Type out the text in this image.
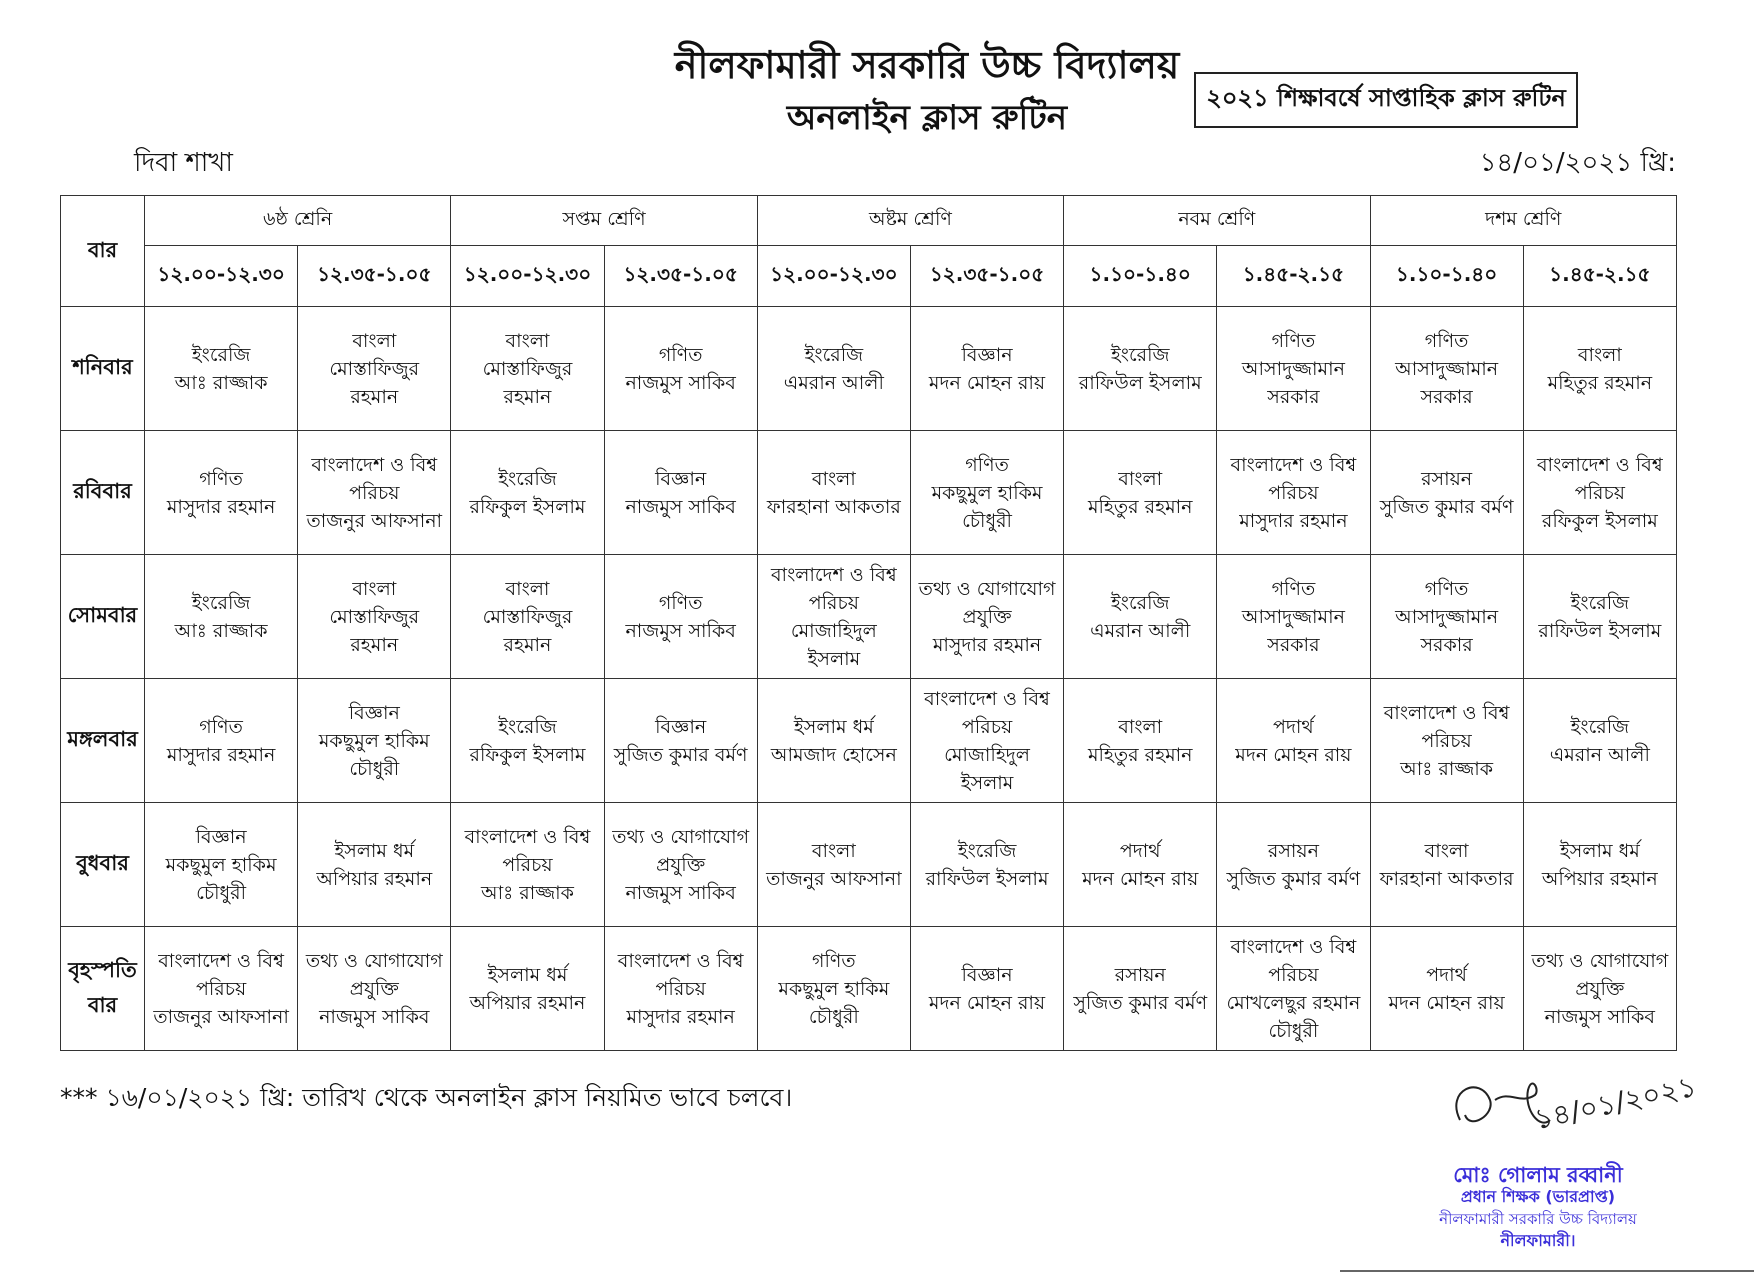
নীলফামারী সরকারি উচ্চ বিদ্যালয়
অনলাইন ক্লাস রুটিন	২০২১ শিক্ষাবর্ষে সাপ্তাহিক ক্লাস রুটিন
দিবা শাখা	১৪/০১/২০২১ খ্রি:
বার	৬ষ্ঠ শ্রেনি		সপ্তম শ্রেণি		অষ্টম শ্রেণি		নবম শ্রেণি		দশম শ্রেণি	
	১২.০০-১২.৩০	১২.৩৫-১.০৫	১২.০০-১২.৩০	১২.৩৫-১.০৫	১২.০০-১২.৩০	১২.৩৫-১.০৫	১.১০-১.৪০	১.৪৫-২.১৫	১.১০-১.৪০	১.৪৫-২.১৫

শনিবার	ইংরেজি
আঃ রাজ্জাক	বাংলা
মোস্তাফিজুর
রহমান	বাংলা
মোস্তাফিজুর
রহমান	গণিত
নাজমুস সাকিব	ইংরেজি
এমরান আলী	বিজ্ঞান
মদন মোহন রায়	ইংরেজি
রাফিউল ইসলাম	গণিত
আসাদুজ্জামান
সরকার	গণিত
আসাদুজ্জামান
সরকার	বাংলা
মহিতুর রহমান

রবিবার	গণিত
মাসুদার রহমান	বাংলাদেশ ও বিশ্ব
পরিচয়
তাজনুর আফসানা	ইংরেজি
রফিকুল ইসলাম	বিজ্ঞান
নাজমুস সাকিব	বাংলা
ফারহানা আকতার	গণিত
মকছুমুল হাকিম
চৌধুরী	বাংলা
মহিতুর রহমান	বাংলাদেশ ও বিশ্ব
পরিচয়
মাসুদার রহমান	রসায়ন
সুজিত কুমার বর্মণ	বাংলাদেশ ও বিশ্ব
পরিচয়
রফিকুল ইসলাম

সোমবার	ইংরেজি
আঃ রাজ্জাক	বাংলা
মোস্তাফিজুর
রহমান	বাংলা
মোস্তাফিজুর
রহমান	গণিত
নাজমুস সাকিব	বাংলাদেশ ও বিশ্ব
পরিচয়
মোজাহিদুল
ইসলাম	তথ্য ও যোগাযোগ
প্রযুক্তি
মাসুদার রহমান	ইংরেজি
এমরান আলী	গণিত
আসাদুজ্জামান
সরকার	গণিত
আসাদুজ্জামান
সরকার	ইংরেজি
রাফিউল ইসলাম

মঙ্গলবার	গণিত
মাসুদার রহমান	বিজ্ঞান
মকছুমুল হাকিম
চৌধুরী	ইংরেজি
রফিকুল ইসলাম	বিজ্ঞান
সুজিত কুমার বর্মণ	ইসলাম ধর্ম
আমজাদ হোসেন	বাংলাদেশ ও বিশ্ব
পরিচয়
মোজাহিদুল
ইসলাম	বাংলা
মহিতুর রহমান	পদার্থ
মদন মোহন রায়	বাংলাদেশ ও বিশ্ব
পরিচয়
আঃ রাজ্জাক	ইংরেজি
এমরান আলী

বুধবার	বিজ্ঞান
মকছুমুল হাকিম
চৌধুরী	ইসলাম ধর্ম
অপিয়ার রহমান	বাংলাদেশ ও বিশ্ব
পরিচয়
আঃ রাজ্জাক	তথ্য ও যোগাযোগ
প্রযুক্তি
নাজমুস সাকিব	বাংলা
তাজনুর আফসানা	ইংরেজি
রাফিউল ইসলাম	পদার্থ
মদন মোহন রায়	রসায়ন
সুজিত কুমার বর্মণ	বাংলা
ফারহানা আকতার	ইসলাম ধর্ম
অপিয়ার রহমান

বৃহস্পতি
বার	বাংলাদেশ ও বিশ্ব
পরিচয়
তাজনুর আফসানা	তথ্য ও যোগাযোগ
প্রযুক্তি
নাজমুস সাকিব	ইসলাম ধর্ম
অপিয়ার রহমান	বাংলাদেশ ও বিশ্ব
পরিচয়
মাসুদার রহমান	গণিত
মকছুমুল হাকিম
চৌধুরী	বিজ্ঞান
মদন মোহন রায়	রসায়ন
সুজিত কুমার বর্মণ	বাংলাদেশ ও বিশ্ব
পরিচয়
মোখলেছুর রহমান
চৌধুরী	পদার্থ
মদন মোহন রায়	তথ্য ও যোগাযোগ
প্রযুক্তি
নাজমুস সাকিব
*** ১৬/০১/২০২১ খ্রি: তারিখ থেকে অনলাইন ক্লাস নিয়মিত ভাবে চলবে।	১৪/০১/২০২১
মোঃ গোলাম রব্বানী
প্রধান শিক্ষক (ভারপ্রাপ্ত)
নীলফামারী সরকারি উচ্চ বিদ্যালয়
নীলফামারী।
